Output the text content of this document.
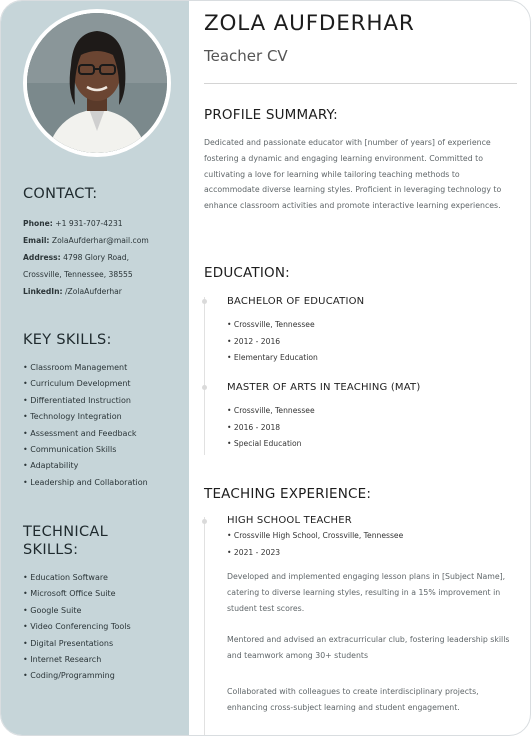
CONTACT:
Phone: +1 931-707-4231
Email: ZolaAufderhar@mail.com
Address: 4798 Glory Road,
Crossville, Tennessee, 38555
LinkedIn: /ZolaAufderhar
KEY SKILLS:
• Classroom Management
• Curriculum Development
• Differentiated Instruction
• Technology Integration
• Assessment and Feedback
• Communication Skills
• Adaptability
• Leadership and Collaboration
TECHNICAL
SKILLS:
• Education Software
• Microsoft Office Suite
• Google Suite
• Video Conferencing Tools
• Digital Presentations
• Internet Research
• Coding/Programming
ZOLA AUFDERHAR
Teacher CV
PROFILE SUMMARY:
Dedicated and passionate educator with [number of years] of experience fostering a dynamic and engaging learning environment. Committed to cultivating a love for learning while tailoring teaching methods to accommodate diverse learning styles. Proficient in leveraging technology to enhance classroom activities and promote interactive learning experiences.
EDUCATION:
BACHELOR OF EDUCATION
• Crossville, Tennessee
• 2012 - 2016
• Elementary Education
MASTER OF ARTS IN TEACHING (MAT)
• Crossville, Tennessee
• 2016 - 2018
• Special Education
TEACHING EXPERIENCE:
HIGH SCHOOL TEACHER
• Crossville High School, Crossville, Tennessee
• 2021 - 2023
Developed and implemented engaging lesson plans in [Subject Name], catering to diverse learning styles, resulting in a 15% improvement in student test scores.
Mentored and advised an extracurricular club, fostering leadership skills and teamwork among 30+ students
Collaborated with colleagues to create interdisciplinary projects, enhancing cross-subject learning and student engagement.
